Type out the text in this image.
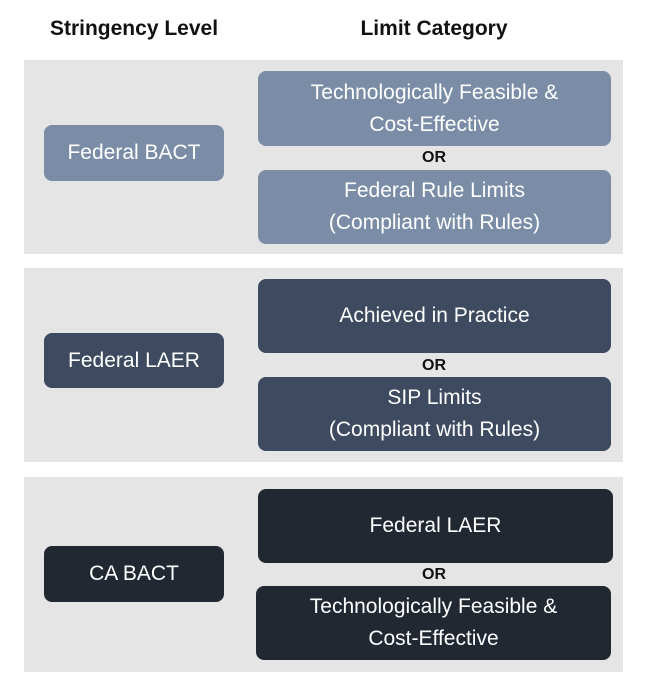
Stringency Level	Limit Category
Federal BACT
Technologically Feasible &
Cost-Effective
OR
Federal Rule Limits
(Compliant with Rules)
Federal LAER
Achieved in Practice
OR
SIP Limits
(Compliant with Rules)
CA BACT
Federal LAER
OR
Technologically Feasible &
Cost-Effective
